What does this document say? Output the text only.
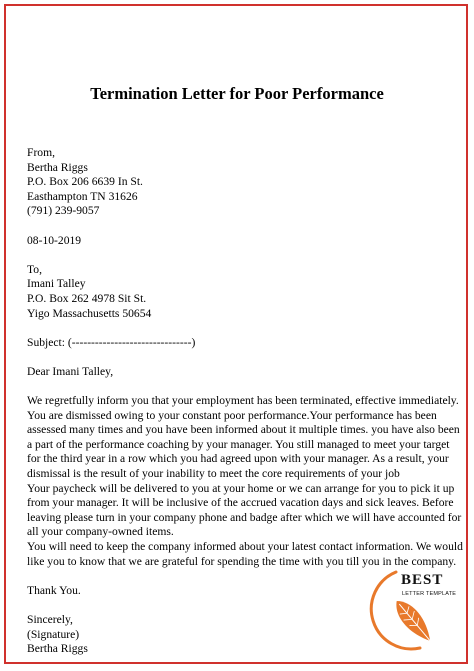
Termination Letter for Poor Performance

From,
Bertha Riggs
P.O. Box 206 6639 In St.
Easthampton TN 31626
(791) 239-9057

08-10-2019

To,
Imani Talley
P.O. Box 262 4978 Sit St.
Yigo Massachusetts 50654

Subject: (-------------------------------)

Dear Imani Talley,

We regretfully inform you that your employment has been terminated, effective immediately.
You are dismissed owing to your constant poor performance.Your performance has been
assessed many times and you have been informed about it multiple times. you have also been
a part of the performance coaching by your manager. You still managed to meet your target
for the third year in a row which you had agreed upon with your manager. As a result, your
dismissal is the result of your inability to meet the core requirements of your job
Your paycheck will be delivered to you at your home or we can arrange for you to pick it up
from your manager. It will be inclusive of the accrued vacation days and sick leaves. Before
leaving please turn in your company phone and badge after which we will have accounted for
all your company-owned items.
You will need to keep the company informed about your latest contact information. We would
like you to know that we are grateful for spending the time with you till you in the company.

Thank You.

Sincerely,
(Signature)
Bertha Riggs

BEST
LETTER TEMPLATE
